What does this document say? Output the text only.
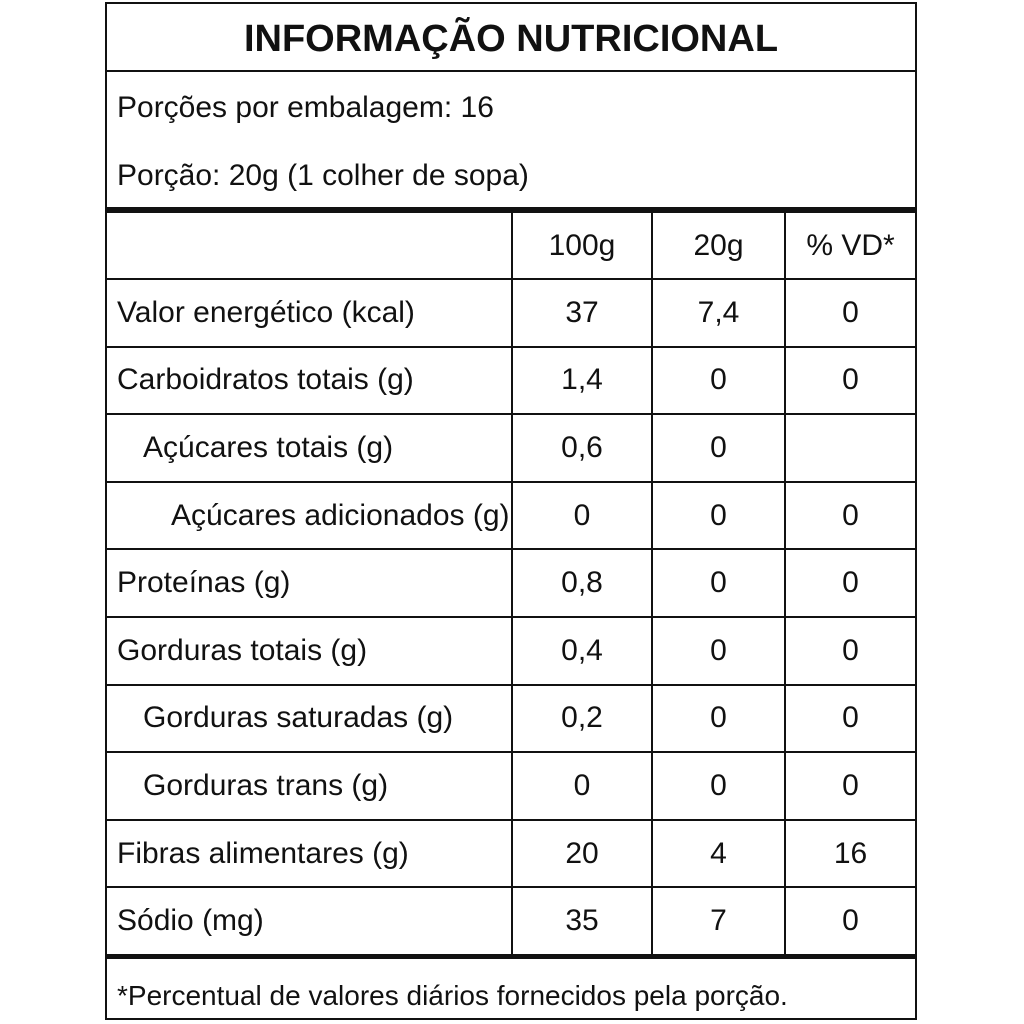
INFORMAÇÃO NUTRICIONAL
Porções por embalagem: 16
Porção: 20g (1 colher de sopa)
100g	20g	% VD*
Valor energético (kcal)	37	7,4	0
Carboidratos totais (g)	1,4	0	0
Açúcares totais (g)	0,6	0
Açúcares adicionados (g)	0	0	0
Proteínas (g)	0,8	0	0
Gorduras totais (g)	0,4	0	0
Gorduras saturadas (g)	0,2	0	0
Gorduras trans (g)	0	0	0
Fibras alimentares (g)	20	4	16
Sódio (mg)	35	7	0
*Percentual de valores diários fornecidos pela porção.
